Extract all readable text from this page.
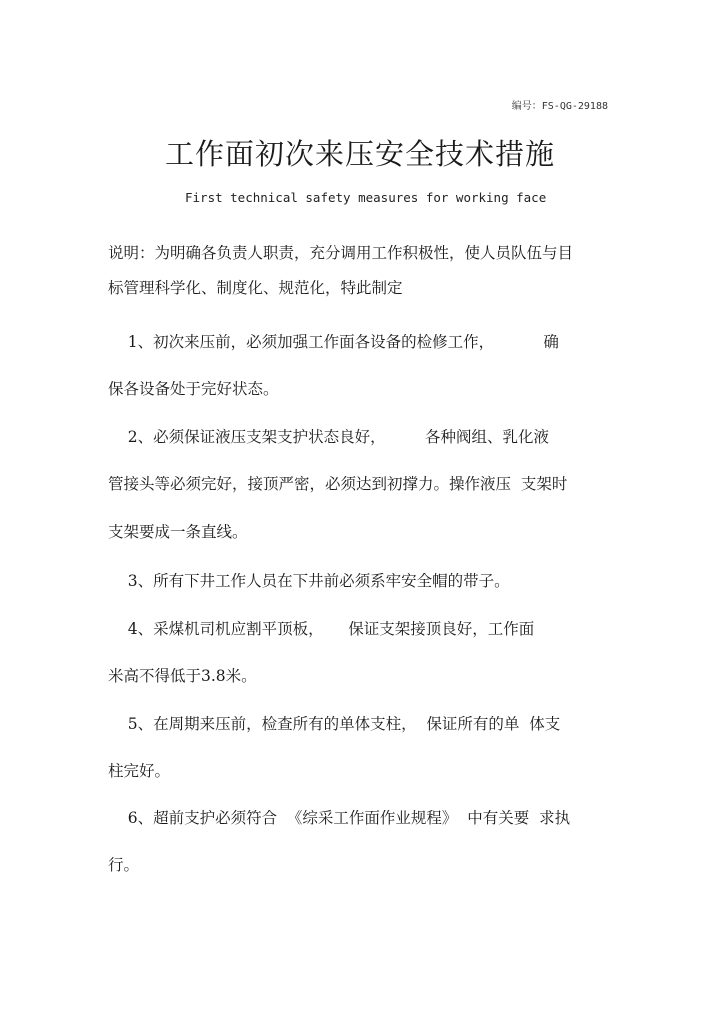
编号：FS-QG-29188
工作面初次来压安全技术措施
First technical safety measures for working face
说明：为明确各负责人职责，充分调用工作积极性，使人员队伍与目
标管理科学化、制度化、规范化，特此制定
1、初次来压前，必须加强工作面各设备的检修工作，          确
保各设备处于完好状态。
2、必须保证液压支架支护状态良好，        各种阀组、乳化液
管接头等必须完好，接顶严密，必须达到初撑力。操作液压  支架时
支架要成一条直线。
3、所有下井工作人员在下井前必须系牢安全帽的带子。
4、采煤机司机应割平顶板，     保证支架接顶良好，工作面
米高不得低于3.8米。
5、在周期来压前，检查所有的单体支柱，  保证所有的单  体支
柱完好。
6、超前支护必须符合  《综采工作面作业规程》  中有关要  求执
行。
